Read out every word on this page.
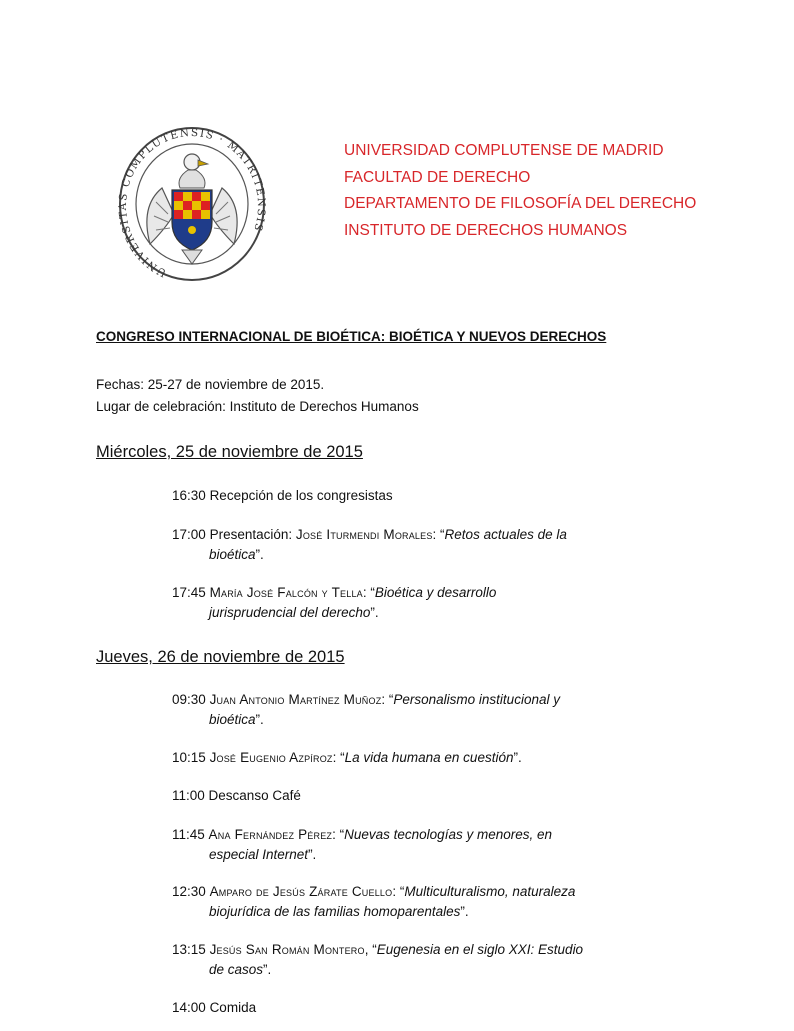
UNIVERSITAS COMPLUTENSIS · MATRITENSIS
UNIVERSIDAD COMPLUTENSE DE MADRID
FACULTAD DE DERECHO
DEPARTAMENTO DE FILOSOFÍA DEL DERECHO
INSTITUTO DE DERECHOS HUMANOS
CONGRESO INTERNACIONAL DE BIOÉTICA: BIOÉTICA Y NUEVOS DERECHOS
Fechas: 25-27 de noviembre de 2015.
Lugar de celebración: Instituto de Derechos Humanos
Miércoles, 25 de noviembre de 2015
16:30 Recepción de los congresistas
17:00 Presentación: José Iturmendi Morales: “Retos actuales de la
bioética”.
17:45 María José Falcón y Tella: “Bioética y desarrollo
jurisprudencial del derecho”.
Jueves, 26 de noviembre de 2015
09:30 Juan Antonio Martínez Muñoz: “Personalismo institucional y
bioética”.
10:15 José Eugenio Azpíroz: “La vida humana en cuestión”.
11:00 Descanso Café
11:45 Ana Fernández Pérez: “Nuevas tecnologías y menores, en
especial Internet”.
12:30 Amparo de Jesús Zárate Cuello: “Multiculturalismo, naturaleza
biojurídica de las familias homoparentales”.
13:15 Jesús San Román Montero, “Eugenesia en el siglo XXI: Estudio
de casos”.
14:00 Comida
